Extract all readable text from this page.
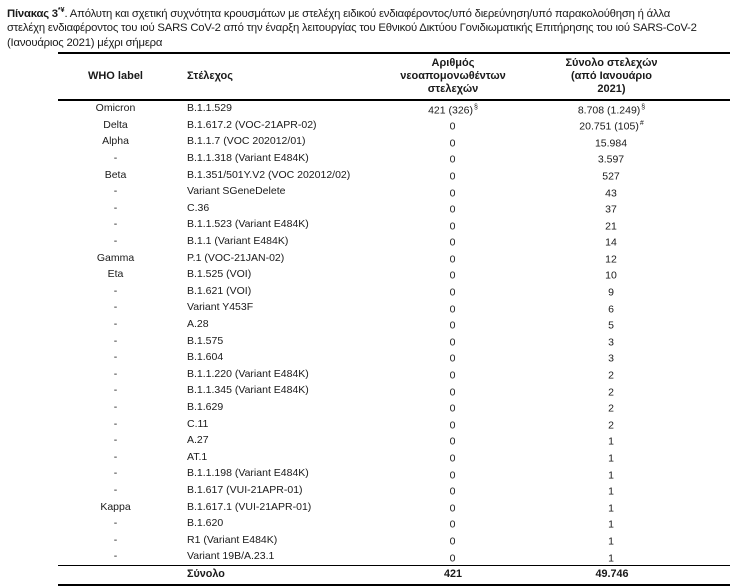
Πίνακας 3*¥. Απόλυτη και σχετική συχνότητα κρουσμάτων με στελέχη ειδικού ενδιαφέροντος/υπό διερεύνηση/υπό παρακολούθηση ή άλλα
στελέχη ενδιαφέροντος του ιού SARS CoV-2 από την έναρξη λειτουργίας του Εθνικού Δικτύου Γονιδιωματικής Επιτήρησης του ιού SARS-CoV-2
(Ιανουάριος 2021) μέχρι σήμερα

WHO label	Στέλεχος	Αριθμός νεοαπομονωθέντων στελεχών	Σύνολο στελεχών (από Ιανουάριο 2021)
Omicron	B.1.1.529	421 (326)§	8.708 (1.249)§
Delta	B.1.617.2 (VOC-21APR-02)	0	20.751 (105)#
Alpha	B.1.1.7 (VOC 202012/01)	0	15.984
-	B.1.1.318 (Variant E484K)	0	3.597
Beta	B.1.351/501Y.V2 (VOC 202012/02)	0	527
-	Variant SGeneDelete	0	43
-	C.36	0	37
-	B.1.1.523 (Variant E484K)	0	21
-	B.1.1 (Variant E484K)	0	14
Gamma	P.1 (VOC-21JAN-02)	0	12
Eta	B.1.525 (VOI)	0	10
-	B.1.621 (VOI)	0	9
-	Variant Y453F	0	6
-	A.28	0	5
-	B.1.575	0	3
-	B.1.604	0	3
-	B.1.1.220 (Variant E484K)	0	2
-	B.1.1.345 (Variant E484K)	0	2
-	B.1.629	0	2
-	C.11	0	2
-	A.27	0	1
-	AT.1	0	1
-	B.1.1.198 (Variant E484K)	0	1
-	B.1.617 (VUI-21APR-01)	0	1
Kappa	B.1.617.1 (VUI-21APR-01)	0	1
-	B.1.620	0	1
-	R1 (Variant E484K)	0	1
-	Variant 19B/A.23.1	0	1
	Σύνολο	421	49.746
